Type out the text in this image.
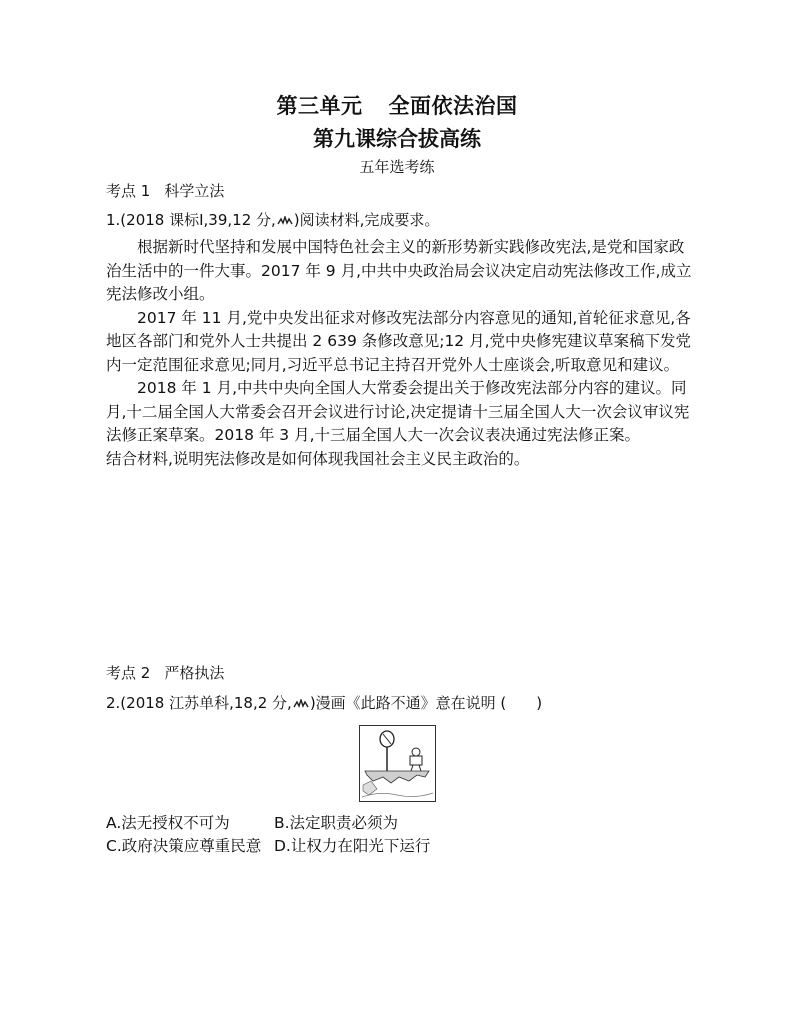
第三单元 全面依法治国
第九课综合拔高练
五年选考练
考点 1 科学立法
1.(2018 课标Ⅰ,39,12 分, )阅读材料,完成要求。

根据新时代坚持和发展中国特色社会主义的新形势新实践修改宪法,是党和国家政治生活中的一件大事。2017 年 9 月,中共中央政治局会议决定启动宪法修改工作,成立宪法修改小组。

2017 年 11 月,党中央发出征求对修改宪法部分内容意见的通知,首轮征求意见,各地区各部门和党外人士共提出 2 639 条修改意见;12 月,党中央修宪建议草案稿下发党内一定范围征求意见;同月,习近平总书记主持召开党外人士座谈会,听取意见和建议。

2018 年 1 月,中共中央向全国人大常委会提出关于修改宪法部分内容的建议。同月,十二届全国人大常委会召开会议进行讨论,决定提请十三届全国人大一次会议审议宪法修正案草案。2018 年 3 月,十三届全国人大一次会议表决通过宪法修正案。

结合材料,说明宪法修改是如何体现我国社会主义民主政治的。

考点 2 严格执法
2.(2018 江苏单科,18,2 分, )漫画《此路不通》意在说明 (　　)
A.法无授权不可为	B.法定职责必须为
C.政府决策应尊重民意 D.让权力在阳光下运行
